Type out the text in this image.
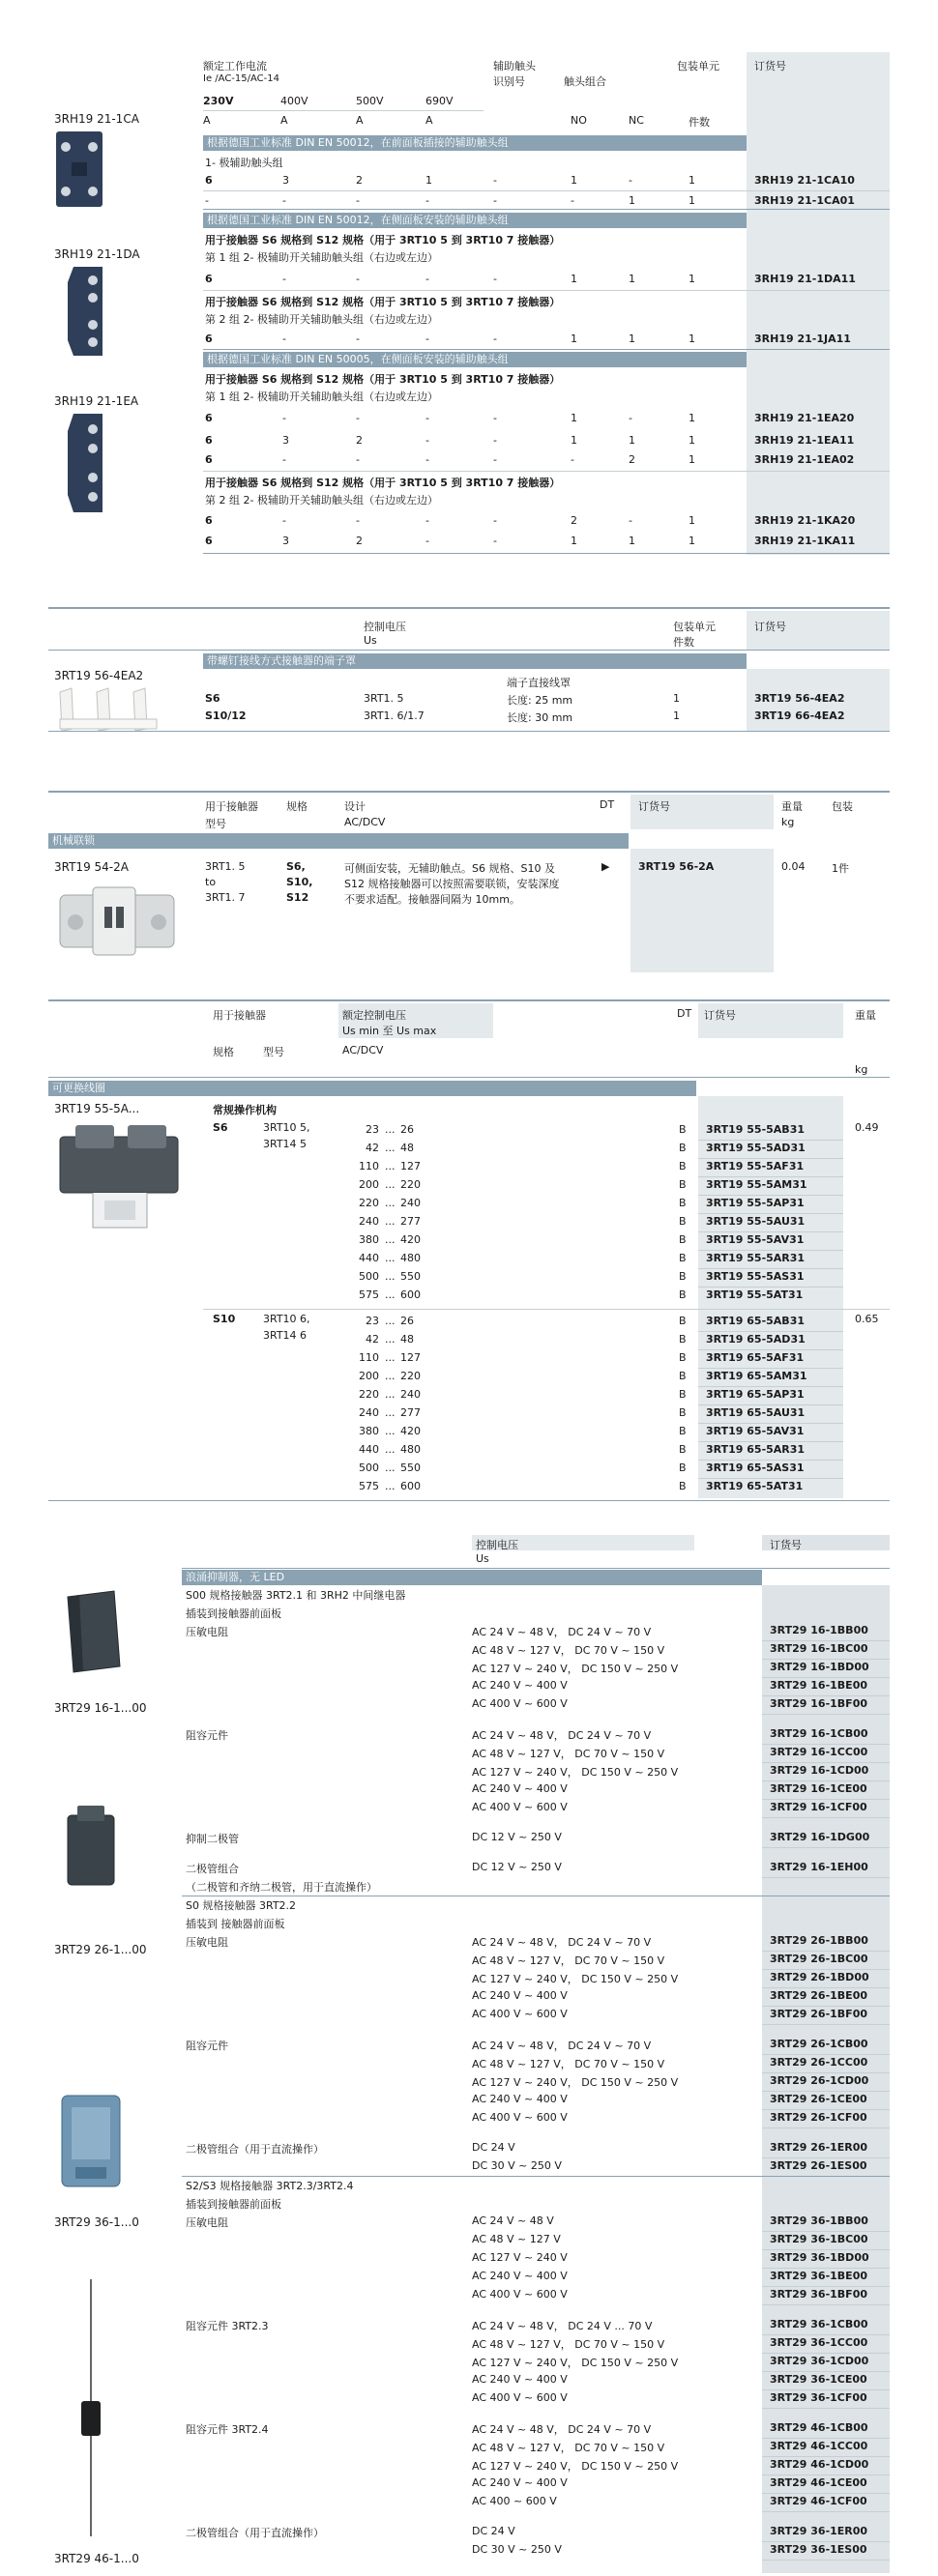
额定工作电流
Ie /AC-15/AC-14
辅助触头
识别号	触头组合
包装单元	订货号
230V	400V	500V	690V
A	A	A	A	NO	NC	件数
3RH19 21-1CA
3RH19 21-1DA
3RH19 21-1EA
根据德国工业标准 DIN EN 50012，在前面板插接的辅助触头组
1- 极辅助触头组
6	3	2	1	-	1	-	1	3RH19 21-1CA10
-	-	-	-	-	-	1	1	3RH19 21-1CA01
根据德国工业标准 DIN EN 50012，在侧面板安装的辅助触头组
用于接触器 S6 规格到 S12 规格（用于 3RT10 5 到 3RT10 7 接触器）
第 1 组 2- 极辅助开关辅助触头组（右边或左边）
6	-	-	-	-	1	1	1	3RH19 21-1DA11
用于接触器 S6 规格到 S12 规格（用于 3RT10 5 到 3RT10 7 接触器）
第 2 组 2- 极辅助开关辅助触头组（右边或左边）
6	-	-	-	-	1	1	1	3RH19 21-1JA11
根据德国工业标准 DIN EN 50005，在侧面板安装的辅助触头组
用于接触器 S6 规格到 S12 规格（用于 3RT10 5 到 3RT10 7 接触器）
第 1 组 2- 极辅助开关辅助触头组（右边或左边）
6	-	-	-	-	1	-	1	3RH19 21-1EA20
6	3	2	-	-	1	1	1	3RH19 21-1EA11
6	-	-	-	-	-	2	1	3RH19 21-1EA02
用于接触器 S6 规格到 S12 规格（用于 3RT10 5 到 3RT10 7 接触器）
第 2 组 2- 极辅助开关辅助触头组（右边或左边）
6	-	-	-	-	2	-	1	3RH19 21-1KA20
6	3	2	-	-	1	1	1	3RH19 21-1KA11
控制电压
Us
包装单元
件数
订货号
带螺钉接线方式接触器的端子罩
3RT19 56-4EA2
端子直接线罩
S6	3RT1. 5	长度: 25 mm	1	3RT19 56-4EA2
S10/12	3RT1. 6/1.7	长度: 30 mm	1	3RT19 66-4EA2
用于接触器
型号
规格	设计
AC/DCV
DT 订货号	重量
kg
包装
机械联锁
3RT19 54-2A	3RT1. 5
to
3RT1. 7
S6,
S10,
S12
可侧面安装，无辅助触点。S6 规格、S10 及
S12 规格接触器可以按照需要联锁，安装深度
不要求适配。接触器间隔为 10mm。
▶	3RT19 56-2A	0.04	1件
用于接触器
规格	型号
额定控制电压
Us min 至 Us max
AC/DCV
DT 订货号	重量
kg
可更换线圈
3RT19 55-5A...	常规操作机构
S6	3RT10 5,
3RT14 5
0.49
S10	3RT10 6,
3RT14 6
0.65
23 ... 26	B 3RT19 55-5AB31
42 ... 48	B 3RT19 55-5AD31
110 ... 127	B 3RT19 55-5AF31
200 ... 220	B 3RT19 55-5AM31
220 ... 240	B 3RT19 55-5AP31
240 ... 277	B 3RT19 55-5AU31
380 ... 420	B 3RT19 55-5AV31
440 ... 480	B 3RT19 55-5AR31
500 ... 550	B 3RT19 55-5AS31
575 ... 600	B 3RT19 55-5AT31
23 ... 26	B 3RT19 65-5AB31
42 ... 48	B 3RT19 65-5AD31
110 ... 127	B 3RT19 65-5AF31
200 ... 220	B 3RT19 65-5AM31
220 ... 240	B 3RT19 65-5AP31
240 ... 277	B 3RT19 65-5AU31
380 ... 420	B 3RT19 65-5AV31
440 ... 480	B 3RT19 65-5AR31
500 ... 550	B 3RT19 65-5AS31
575 ... 600	B 3RT19 65-5AT31
控制电压
Us
订货号
浪涌抑制器，无 LED
3RT29 16-1...00
3RT29 26-1...00
3RT29 36-1...0
3RT29 46-1...0
S00 规格接触器 3RT2.1 和 3RH2 中间继电器
插装到接触器前面板
压敏电阻	AC 24 V ~ 48 V， DC 24 V ~ 70 V	3RT29 16-1BB00
AC 48 V ~ 127 V， DC 70 V ~ 150 V	3RT29 16-1BC00
AC 127 V ~ 240 V， DC 150 V ~ 250 V	3RT29 16-1BD00
AC 240 V ~ 400 V	3RT29 16-1BE00
AC 400 V ~ 600 V	3RT29 16-1BF00
阻容元件	AC 24 V ~ 48 V， DC 24 V ~ 70 V	3RT29 16-1CB00
AC 48 V ~ 127 V， DC 70 V ~ 150 V	3RT29 16-1CC00
AC 127 V ~ 240 V， DC 150 V ~ 250 V	3RT29 16-1CD00
AC 240 V ~ 400 V	3RT29 16-1CE00
AC 400 V ~ 600 V	3RT29 16-1CF00
抑制二极管	DC 12 V ~ 250 V	3RT29 16-1DG00
二极管组合	DC 12 V ~ 250 V	3RT29 16-1EH00
（二极管和齐纳二极管，用于直流操作）
S0 规格接触器 3RT2.2
插装到 接触器前面板
压敏电阻	AC 24 V ~ 48 V， DC 24 V ~ 70 V	3RT29 26-1BB00
AC 48 V ~ 127 V， DC 70 V ~ 150 V	3RT29 26-1BC00
AC 127 V ~ 240 V， DC 150 V ~ 250 V	3RT29 26-1BD00
AC 240 V ~ 400 V	3RT29 26-1BE00
AC 400 V ~ 600 V	3RT29 26-1BF00
阻容元件	AC 24 V ~ 48 V， DC 24 V ~ 70 V	3RT29 26-1CB00
AC 48 V ~ 127 V， DC 70 V ~ 150 V	3RT29 26-1CC00
AC 127 V ~ 240 V， DC 150 V ~ 250 V	3RT29 26-1CD00
AC 240 V ~ 400 V	3RT29 26-1CE00
AC 400 V ~ 600 V	3RT29 26-1CF00
二极管组合（用于直流操作）	DC 24 V	3RT29 26-1ER00
DC 30 V ~ 250 V	3RT29 26-1ES00
S2/S3 规格接触器 3RT2.3/3RT2.4
插装到接触器前面板
压敏电阻	AC 24 V ~ 48 V	3RT29 36-1BB00
AC 48 V ~ 127 V	3RT29 36-1BC00
AC 127 V ~ 240 V	3RT29 36-1BD00
AC 240 V ~ 400 V	3RT29 36-1BE00
AC 400 V ~ 600 V	3RT29 36-1BF00
阻容元件 3RT2.3	AC 24 V ~ 48 V， DC 24 V ... 70 V	3RT29 36-1CB00
AC 48 V ~ 127 V， DC 70 V ~ 150 V	3RT29 36-1CC00
AC 127 V ~ 240 V， DC 150 V ~ 250 V	3RT29 36-1CD00
AC 240 V ~ 400 V	3RT29 36-1CE00
AC 400 V ~ 600 V	3RT29 36-1CF00
阻容元件 3RT2.4	AC 24 V ~ 48 V， DC 24 V ~ 70 V	3RT29 46-1CB00
AC 48 V ~ 127 V， DC 70 V ~ 150 V	3RT29 46-1CC00
AC 127 V ~ 240 V， DC 150 V ~ 250 V	3RT29 46-1CD00
AC 240 V ~ 400 V	3RT29 46-1CE00
AC 400 ~ 600 V	3RT29 46-1CF00
二极管组合（用于直流操作）	DC 24 V	3RT29 36-1ER00
DC 30 V ~ 250 V	3RT29 36-1ES00
